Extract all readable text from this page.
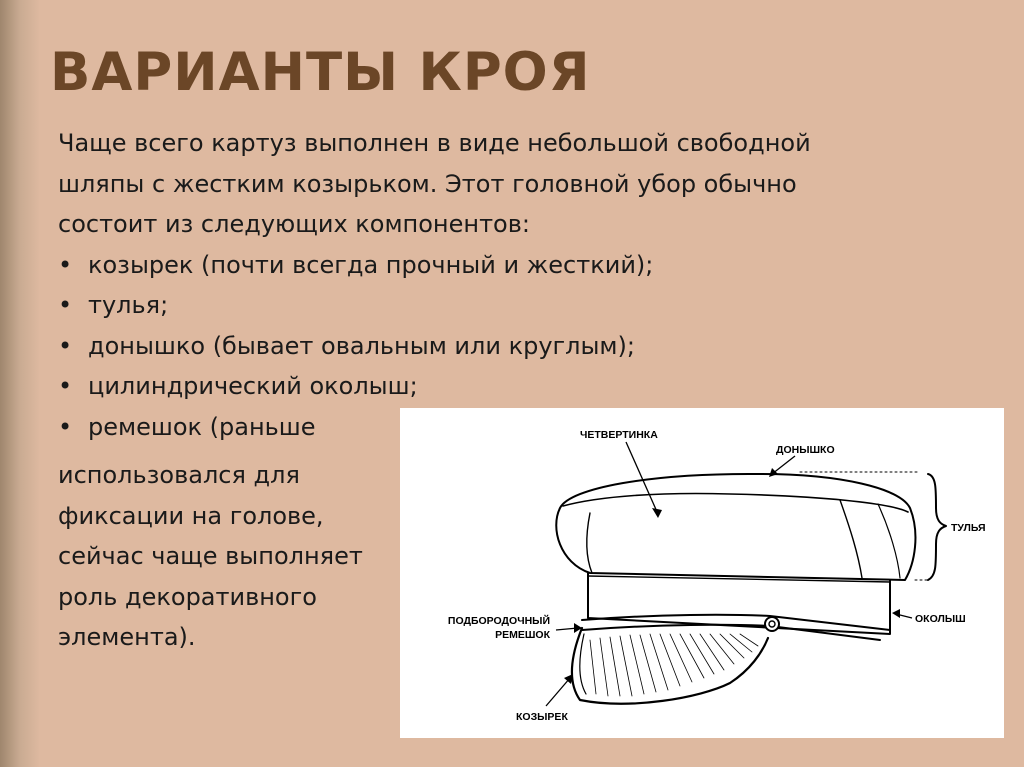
ВАРИАНТЫ КРОЯ

Чаще всего картуз выполнен в виде небольшой свободной

шляпы с жестким козырьком. Этот головной убор обычно

состоит из следующих компонентов:

• козырек (почти всегда прочный и жесткий);
• тулья;
• донышко (бывает овальным или круглым);
• цилиндрический околыш;
• ремешок (раньше
использовался для
фиксации на голове,
сейчас чаще выполняет
роль декоративного
элемента).
ЧЕТВЕРТИНКА
ДОНЫШКО
ТУЛЬЯ
ОКОЛЫШ
ПОДБОРОДОЧНЫЙ
РЕМЕШОК
КОЗЫРЕК
